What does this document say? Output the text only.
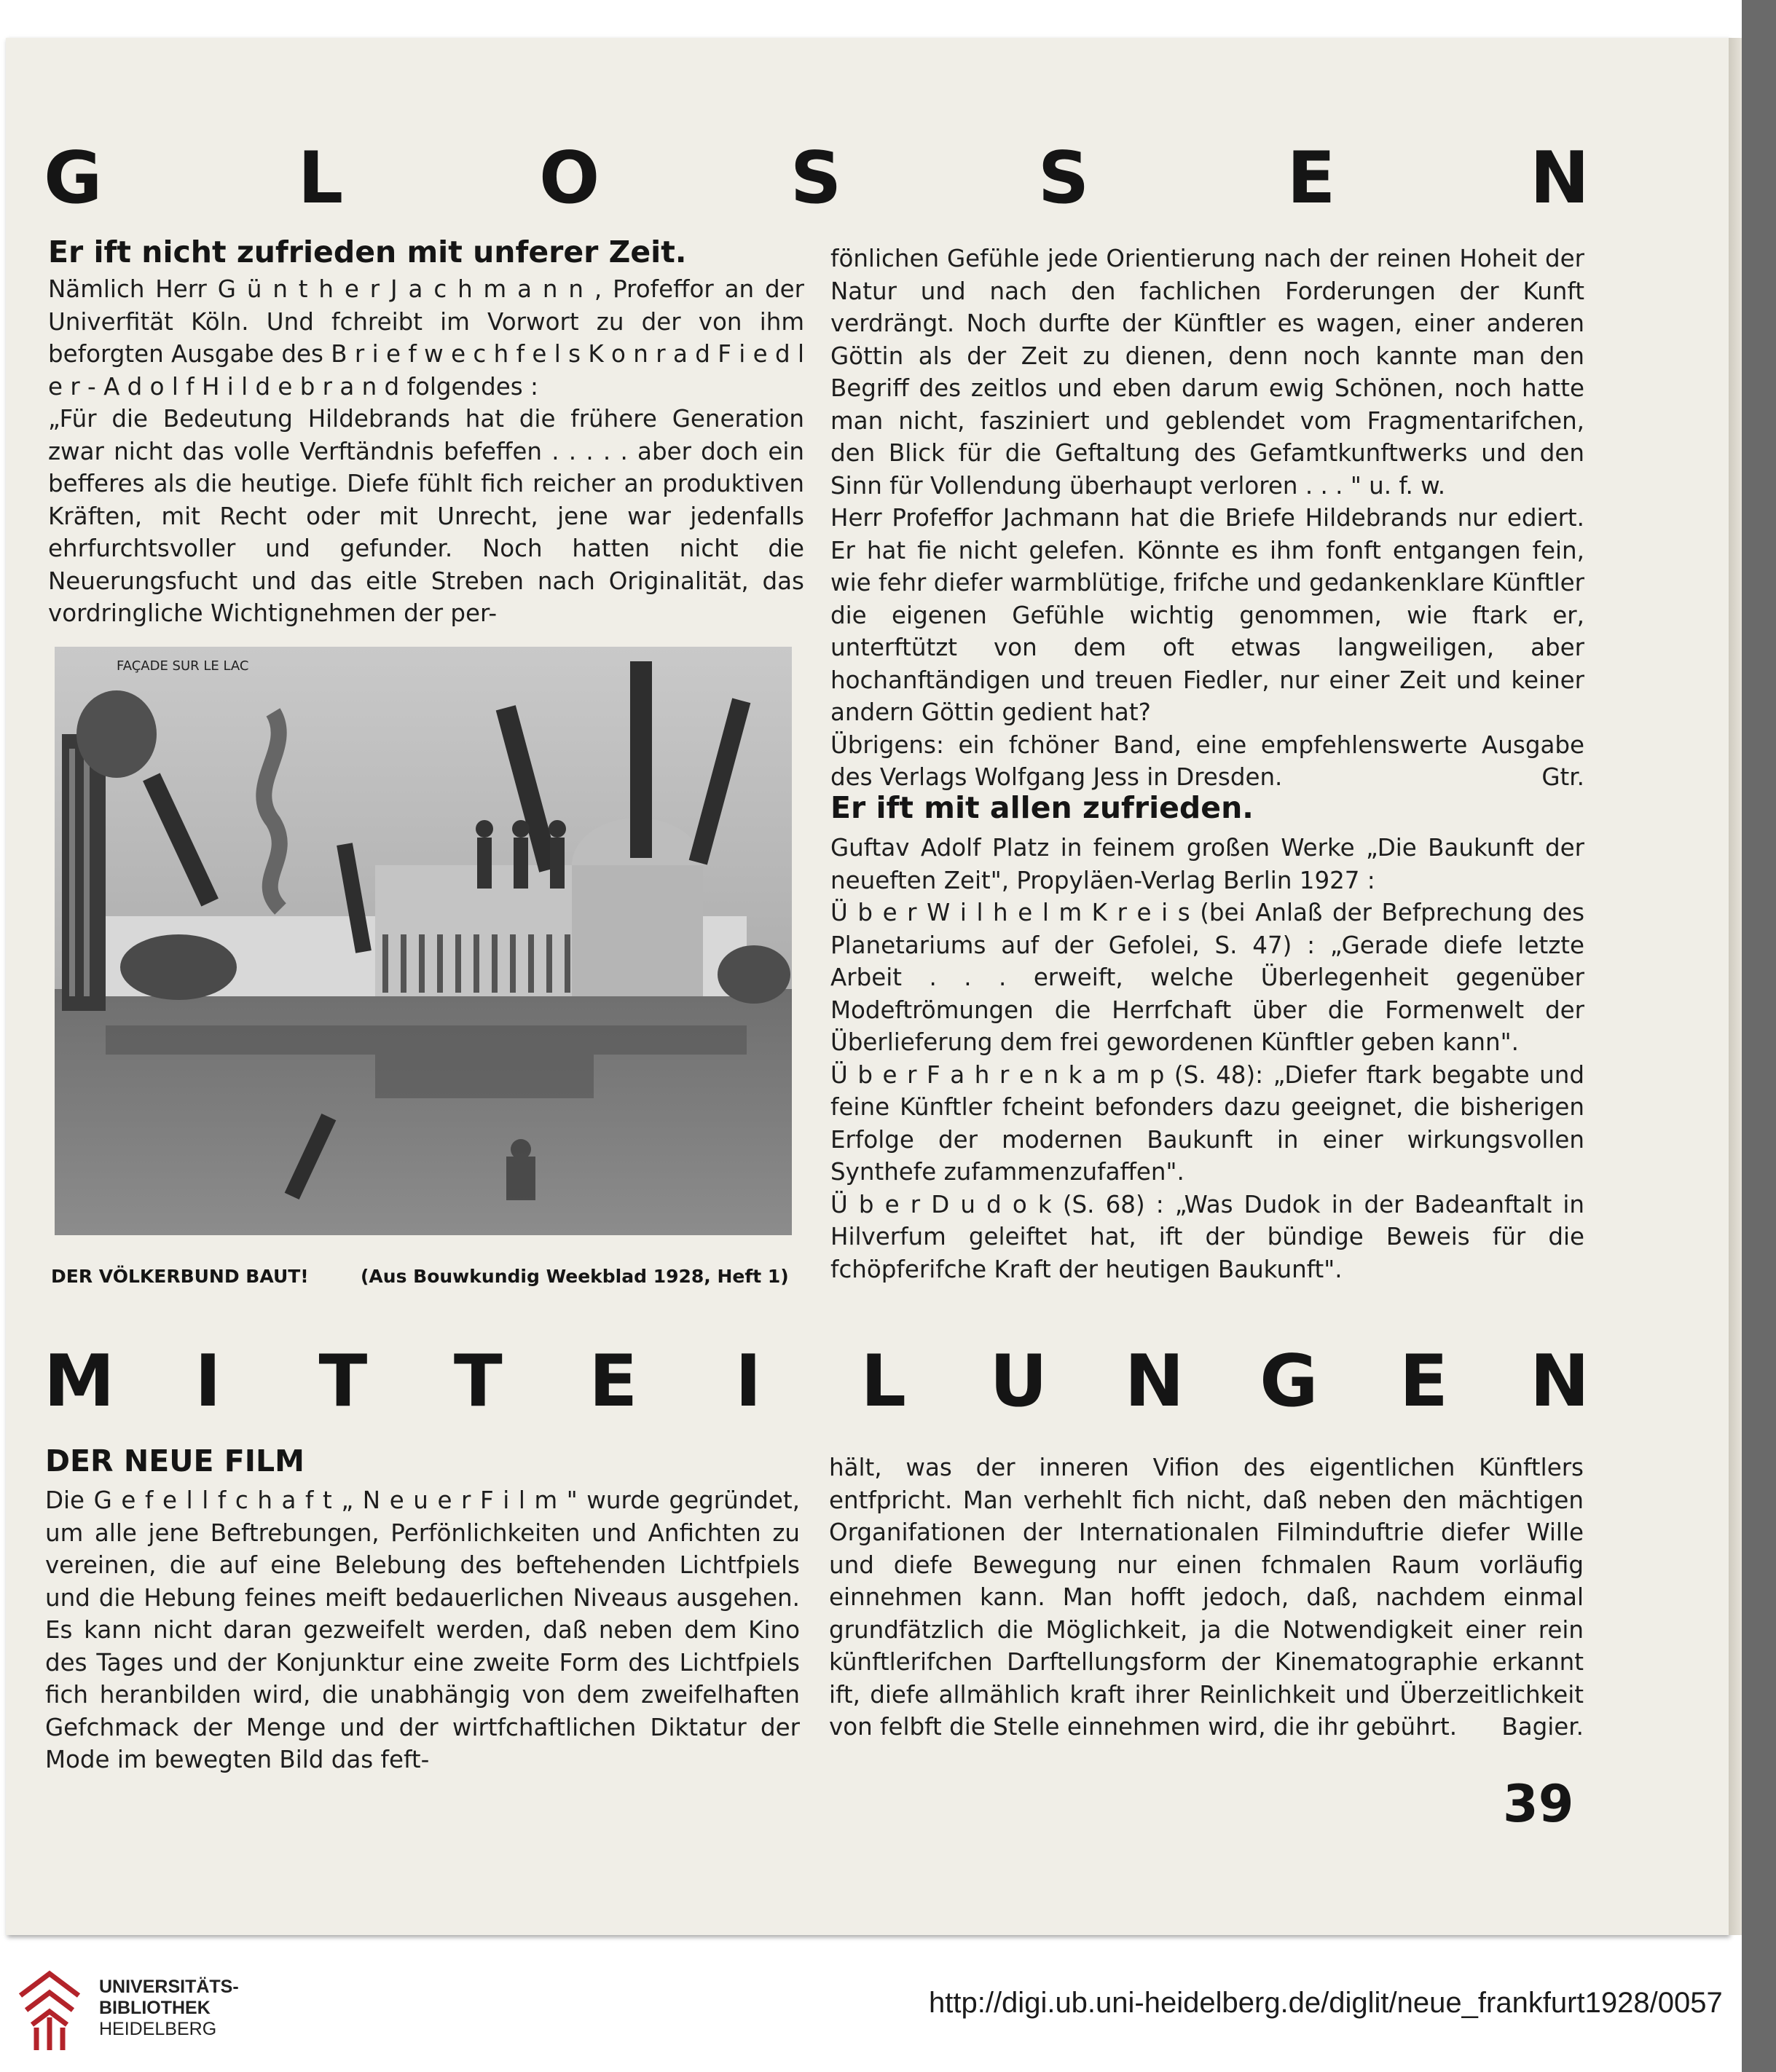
G	L	O	S	S	E	N
Er ift nicht zufrieden mit unferer Zeit.

Nämlich Herr G ü n t h e r J a c h m a n n , Profeffor an der Univerfität Köln. Und fchreibt im Vorwort zu der von ihm beforgten Ausgabe des B r i e f w e c h f e l s K o n r a d F i e d l e r - A d o l f H i l d e b r a n d folgendes :

„Für die Bedeutung Hildebrands hat die frühere Generation zwar nicht das volle Verftändnis befeffen . . . . . aber doch ein befferes als die heutige. Diefe fühlt fich reicher an produktiven Kräften, mit Recht oder mit Unrecht, jene war jedenfalls ehrfurchtsvoller und gefunder. Noch hatten nicht die Neuerungsfucht und das eitle Streben nach Originalität, das vordringliche Wichtignehmen der per-

FAÇADE SUR LE LAC
DER VÖLKERBUND BAUT!	(Aus Bouwkundig Weekblad 1928, Heft 1)

fönlichen Gefühle jede Orientierung nach der reinen Hoheit der Natur und nach den fachlichen Forderungen der Kunft verdrängt. Noch durfte der Künftler es wagen, einer anderen Göttin als der Zeit zu dienen, denn noch kannte man den Begriff des zeitlos und eben darum ewig Schönen, noch hatte man nicht, fasziniert und geblendet vom Fragmentarifchen, den Blick für die Geftaltung des Gefamtkunftwerks und den Sinn für Vollendung überhaupt verloren . . . " u. f. w.

Herr Profeffor Jachmann hat die Briefe Hildebrands nur ediert. Er hat fie nicht gelefen. Könnte es ihm fonft entgangen fein, wie fehr diefer warmblütige, frifche und gedankenklare Künftler die eigenen Gefühle wichtig genommen, wie ftark er, unterftützt von dem oft etwas langweiligen, aber hochanftändigen und treuen Fiedler, nur einer Zeit und keiner andern Göttin gedient hat?

Übrigens: ein fchöner Band, eine empfehlenswerte Ausgabe des Verlags Wolfgang Jess in Dresden.	Gtr.

Er ift mit allen zufrieden.

Guftav Adolf Platz in feinem großen Werke „Die Baukunft der neueften Zeit", Propyläen-Verlag Berlin 1927 :

Ü b e r W i l h e l m K r e i s (bei Anlaß der Befprechung des Planetariums auf der Gefolei, S. 47) : „Gerade diefe letzte Arbeit . . . erweift, welche Überlegenheit gegenüber Modeftrömungen die Herrfchaft über die Formenwelt der Überlieferung dem frei gewordenen Künftler geben kann".

Ü b e r F a h r e n k a m p (S. 48): „Diefer ftark begabte und feine Künftler fcheint befonders dazu geeignet, die bisherigen Erfolge der modernen Baukunft in einer wirkungsvollen Synthefe zufammenzufaffen".

Ü b e r D u d o k (S. 68) : „Was Dudok in der Badeanftalt in Hilverfum geleiftet hat, ift der bündige Beweis für die fchöpferifche Kraft der heutigen Baukunft".

M I T T E I L U N G E N
DER NEUE FILM

Die G e f e l l f c h a f t „ N e u e r F i l m " wurde gegründet, um alle jene Beftrebungen, Perfönlichkeiten und Anfichten zu vereinen, die auf eine Belebung des beftehenden Lichtfpiels und die Hebung feines meift bedauerlichen Niveaus ausgehen. Es kann nicht daran gezweifelt werden, daß neben dem Kino des Tages und der Konjunktur eine zweite Form des Lichtfpiels fich heranbilden wird, die unabhängig von dem zweifelhaften Gefchmack der Menge und der wirtfchaftlichen Diktatur der Mode im bewegten Bild das feft-

hält, was der inneren Vifion des eigentlichen Künftlers entfpricht. Man verhehlt fich nicht, daß neben den mächtigen Organifationen der Internationalen Filminduftrie diefer Wille und diefe Bewegung nur einen fchmalen Raum vorläufig einnehmen kann. Man hofft jedoch, daß, nachdem einmal grundfätzlich die Möglichkeit, ja die Notwendigkeit einer rein künftlerifchen Darftellungsform der Kinematographie erkannt ift, diefe allmählich kraft ihrer Reinlichkeit und Überzeitlichkeit von felbft die Stelle einnehmen wird, die ihr gebührt. Bagier.

39
UNIVERSITÄTS-
BIBLIOTHEK
HEIDELBERG
http://digi.ub.uni-heidelberg.de/diglit/neue_frankfurt1928/0057
